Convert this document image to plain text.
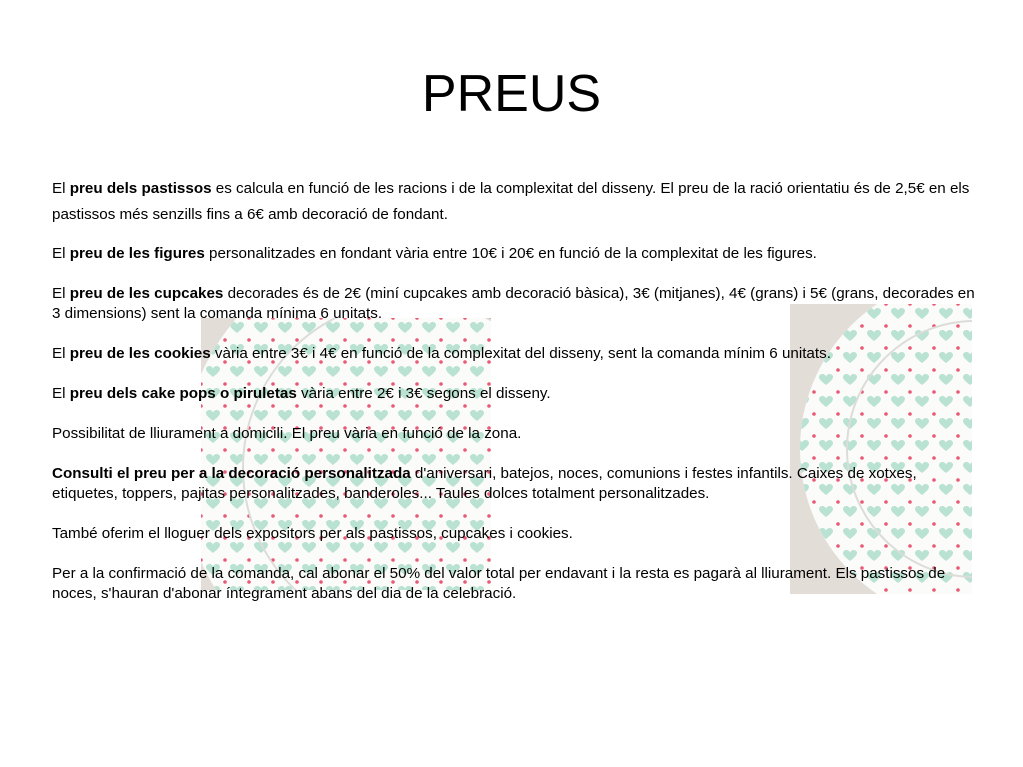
PREUS

El preu dels pastissos es calcula en funció de les racions i de la complexitat del disseny. El preu de la ració orientatiu és de 2,5€ en els pastissos més senzills fins a 6€ amb decoració de fondant.

El preu de les figures personalitzades en fondant vària entre 10€ i 20€ en funció de la complexitat de les figures.

El preu de les cupcakes decorades és de 2€ (miní cupcakes amb decoració bàsica), 3€ (mitjanes), 4€ (grans) i 5€ (grans, decorades en 3 dimensions) sent la comanda mínima 6 unitats.

El preu de les cookies vària entre 3€ i 4€ en funció de la complexitat del disseny, sent la comanda mínim 6 unitats.

El preu dels cake pops o piruletas vària entre 2€ i 3€ segons el disseny.

Possibilitat de lliurament a domicili. El preu vària en funció de la zona.

Consulti el preu per a la decoració personalitzada d'aniversari, batejos, noces, comunions i festes infantils. Caixes de xotxes, etiquetes, toppers, pajitas personalitzades, banderoles... Taules dolces totalment personalitzades.

També oferim el lloguer dels expositors per als pastissos, cupcakes i cookies.

Per a la confirmació de la comanda, cal abonar el 50% del valor total per endavant i la resta es pagarà al lliurament. Els pastissos de noces, s'hauran d'abonar íntegrament abans del dia de la celebració.
